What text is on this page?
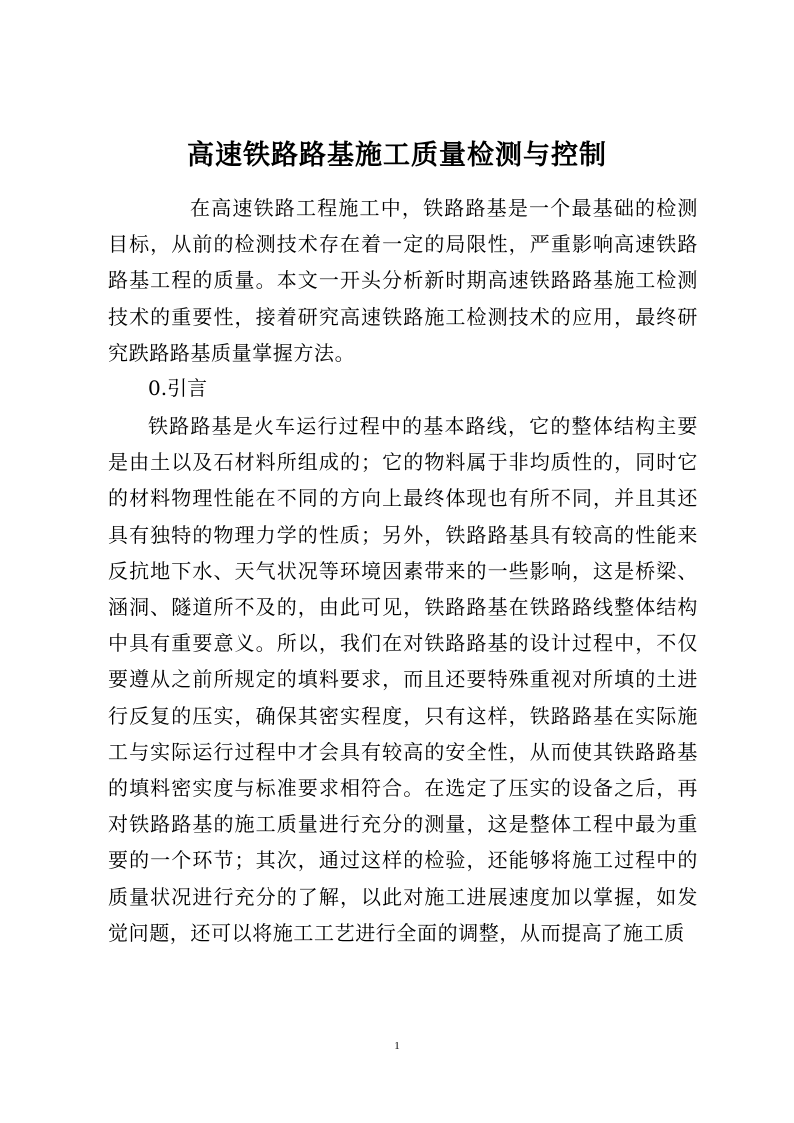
高速铁路路基施工质量检测与控制
在高速铁路工程施工中，铁路路基是一个最基础的检测目标，从前的检测技术存在着一定的局限性，严重影响高速铁路路基工程的质量。本文一开头分析新时期高速铁路路基施工检测技术的重要性，接着研究高速铁路施工检测技术的应用，最终研究跌路路基质量掌握方法。
0.引言
铁路路基是火车运行过程中的基本路线，它的整体结构主要是由土以及石材料所组成的；它的物料属于非均质性的，同时它的材料物理性能在不同的方向上最终体现也有所不同，并且其还具有独特的物理力学的性质；另外，铁路路基具有较高的性能来反抗地下水、天气状况等环境因素带来的一些影响，这是桥梁、涵洞、隧道所不及的，由此可见，铁路路基在铁路路线整体结构中具有重要意义。所以，我们在对铁路路基的设计过程中，不仅要遵从之前所规定的填料要求，而且还要特殊重视对所填的土进行反复的压实，确保其密实程度，只有这样，铁路路基在实际施工与实际运行过程中才会具有较高的安全性，从而使其铁路路基的填料密实度与标准要求相符合。在选定了压实的设备之后，再对铁路路基的施工质量进行充分的测量，这是整体工程中最为重要的一个环节；其次，通过这样的检验，还能够将施工过程中的质量状况进行充分的了解，以此对施工进展速度加以掌握，如发觉问题，还可以将施工工艺进行全面的调整，从而提高了施工质
1
